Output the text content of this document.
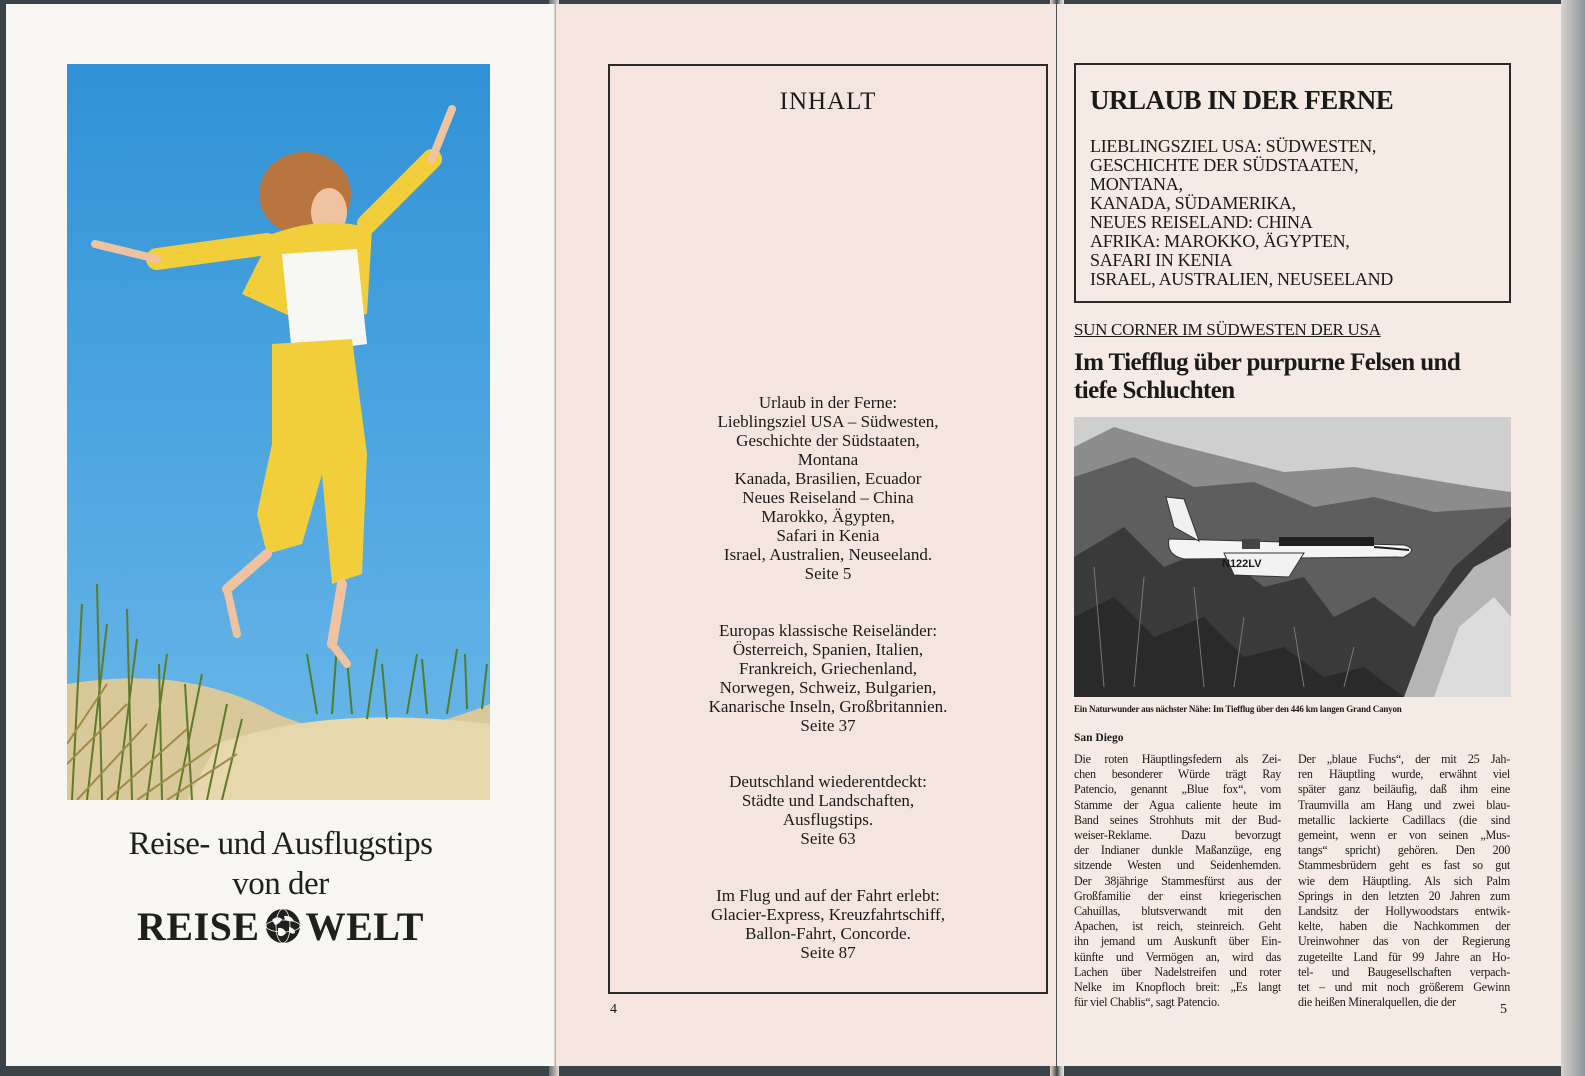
Reise- und Ausflugstips
von der
REISE WELT
INHALT
Urlaub in der Ferne:
Lieblingsziel USA – Südwesten,
Geschichte der Südstaaten,
Montana
Kanada, Brasilien, Ecuador
Neues Reiseland – China
Marokko, Ägypten,
Safari in Kenia
Israel, Australien, Neuseeland.
Seite 5
Europas klassische Reiseländer:
Österreich, Spanien, Italien,
Frankreich, Griechenland,
Norwegen, Schweiz, Bulgarien,
Kanarische Inseln, Großbritannien.
Seite 37
Deutschland wiederentdeckt:
Städte und Landschaften,
Ausflugstips.
Seite 63
Im Flug und auf der Fahrt erlebt:
Glacier-Express, Kreuzfahrtschiff,
Ballon-Fahrt, Concorde.
Seite 87
4
URLAUB IN DER FERNE
LIEBLINGSZIEL USA: SÜDWESTEN,
GESCHICHTE DER SÜDSTAATEN,
MONTANA,
KANADA, SÜDAMERIKA,
NEUES REISELAND: CHINA
AFRIKA: MAROKKO, ÄGYPTEN,
SAFARI IN KENIA
ISRAEL, AUSTRALIEN, NEUSEELAND
SUN CORNER IM SÜDWESTEN DER USA
Im Tiefflug über purpurne Felsen und
tiefe Schluchten
N122LV
Ein Naturwunder aus nächster Nähe: Im Tiefflug über den 446 km langen Grand Canyon
San Diego
Die roten Häuptlingsfedern als Zei-
chen besonderer Würde trägt Ray
Patencio, genannt „Blue fox“, vom
Stamme der Agua caliente heute im
Band seines Strohhuts mit der Bud-
weiser-Reklame. Dazu bevorzugt
der Indianer dunkle Maßanzüge, eng
sitzende Westen und Seidenhemden.
Der 38jährige Stammesfürst aus der
Großfamilie der einst kriegerischen
Cahuillas, blutsverwandt mit den
Apachen, ist reich, steinreich. Geht
ihn jemand um Auskunft über Ein-
künfte und Vermögen an, wird das
Lachen über Nadelstreifen und roter
Nelke im Knopfloch breit: „Es langt
für viel Chablis“, sagt Patencio.
Der „blaue Fuchs“, der mit 25 Jah-
ren Häuptling wurde, erwähnt viel
später ganz beiläufig, daß ihm eine
Traumvilla am Hang und zwei blau-
metallic lackierte Cadillacs (die sind
gemeint, wenn er von seinen „Mus-
tangs“ spricht) gehören. Den 200
Stammesbrüdern geht es fast so gut
wie dem Häuptling. Als sich Palm
Springs in den letzten 20 Jahren zum
Landsitz der Hollywoodstars entwik-
kelte, haben die Nachkommen der
Ureinwohner das von der Regierung
zugeteilte Land für 99 Jahre an Ho-
tel- und Baugesellschaften verpach-
tet – und mit noch größerem Gewinn
die heißen Mineralquellen, die der	5
